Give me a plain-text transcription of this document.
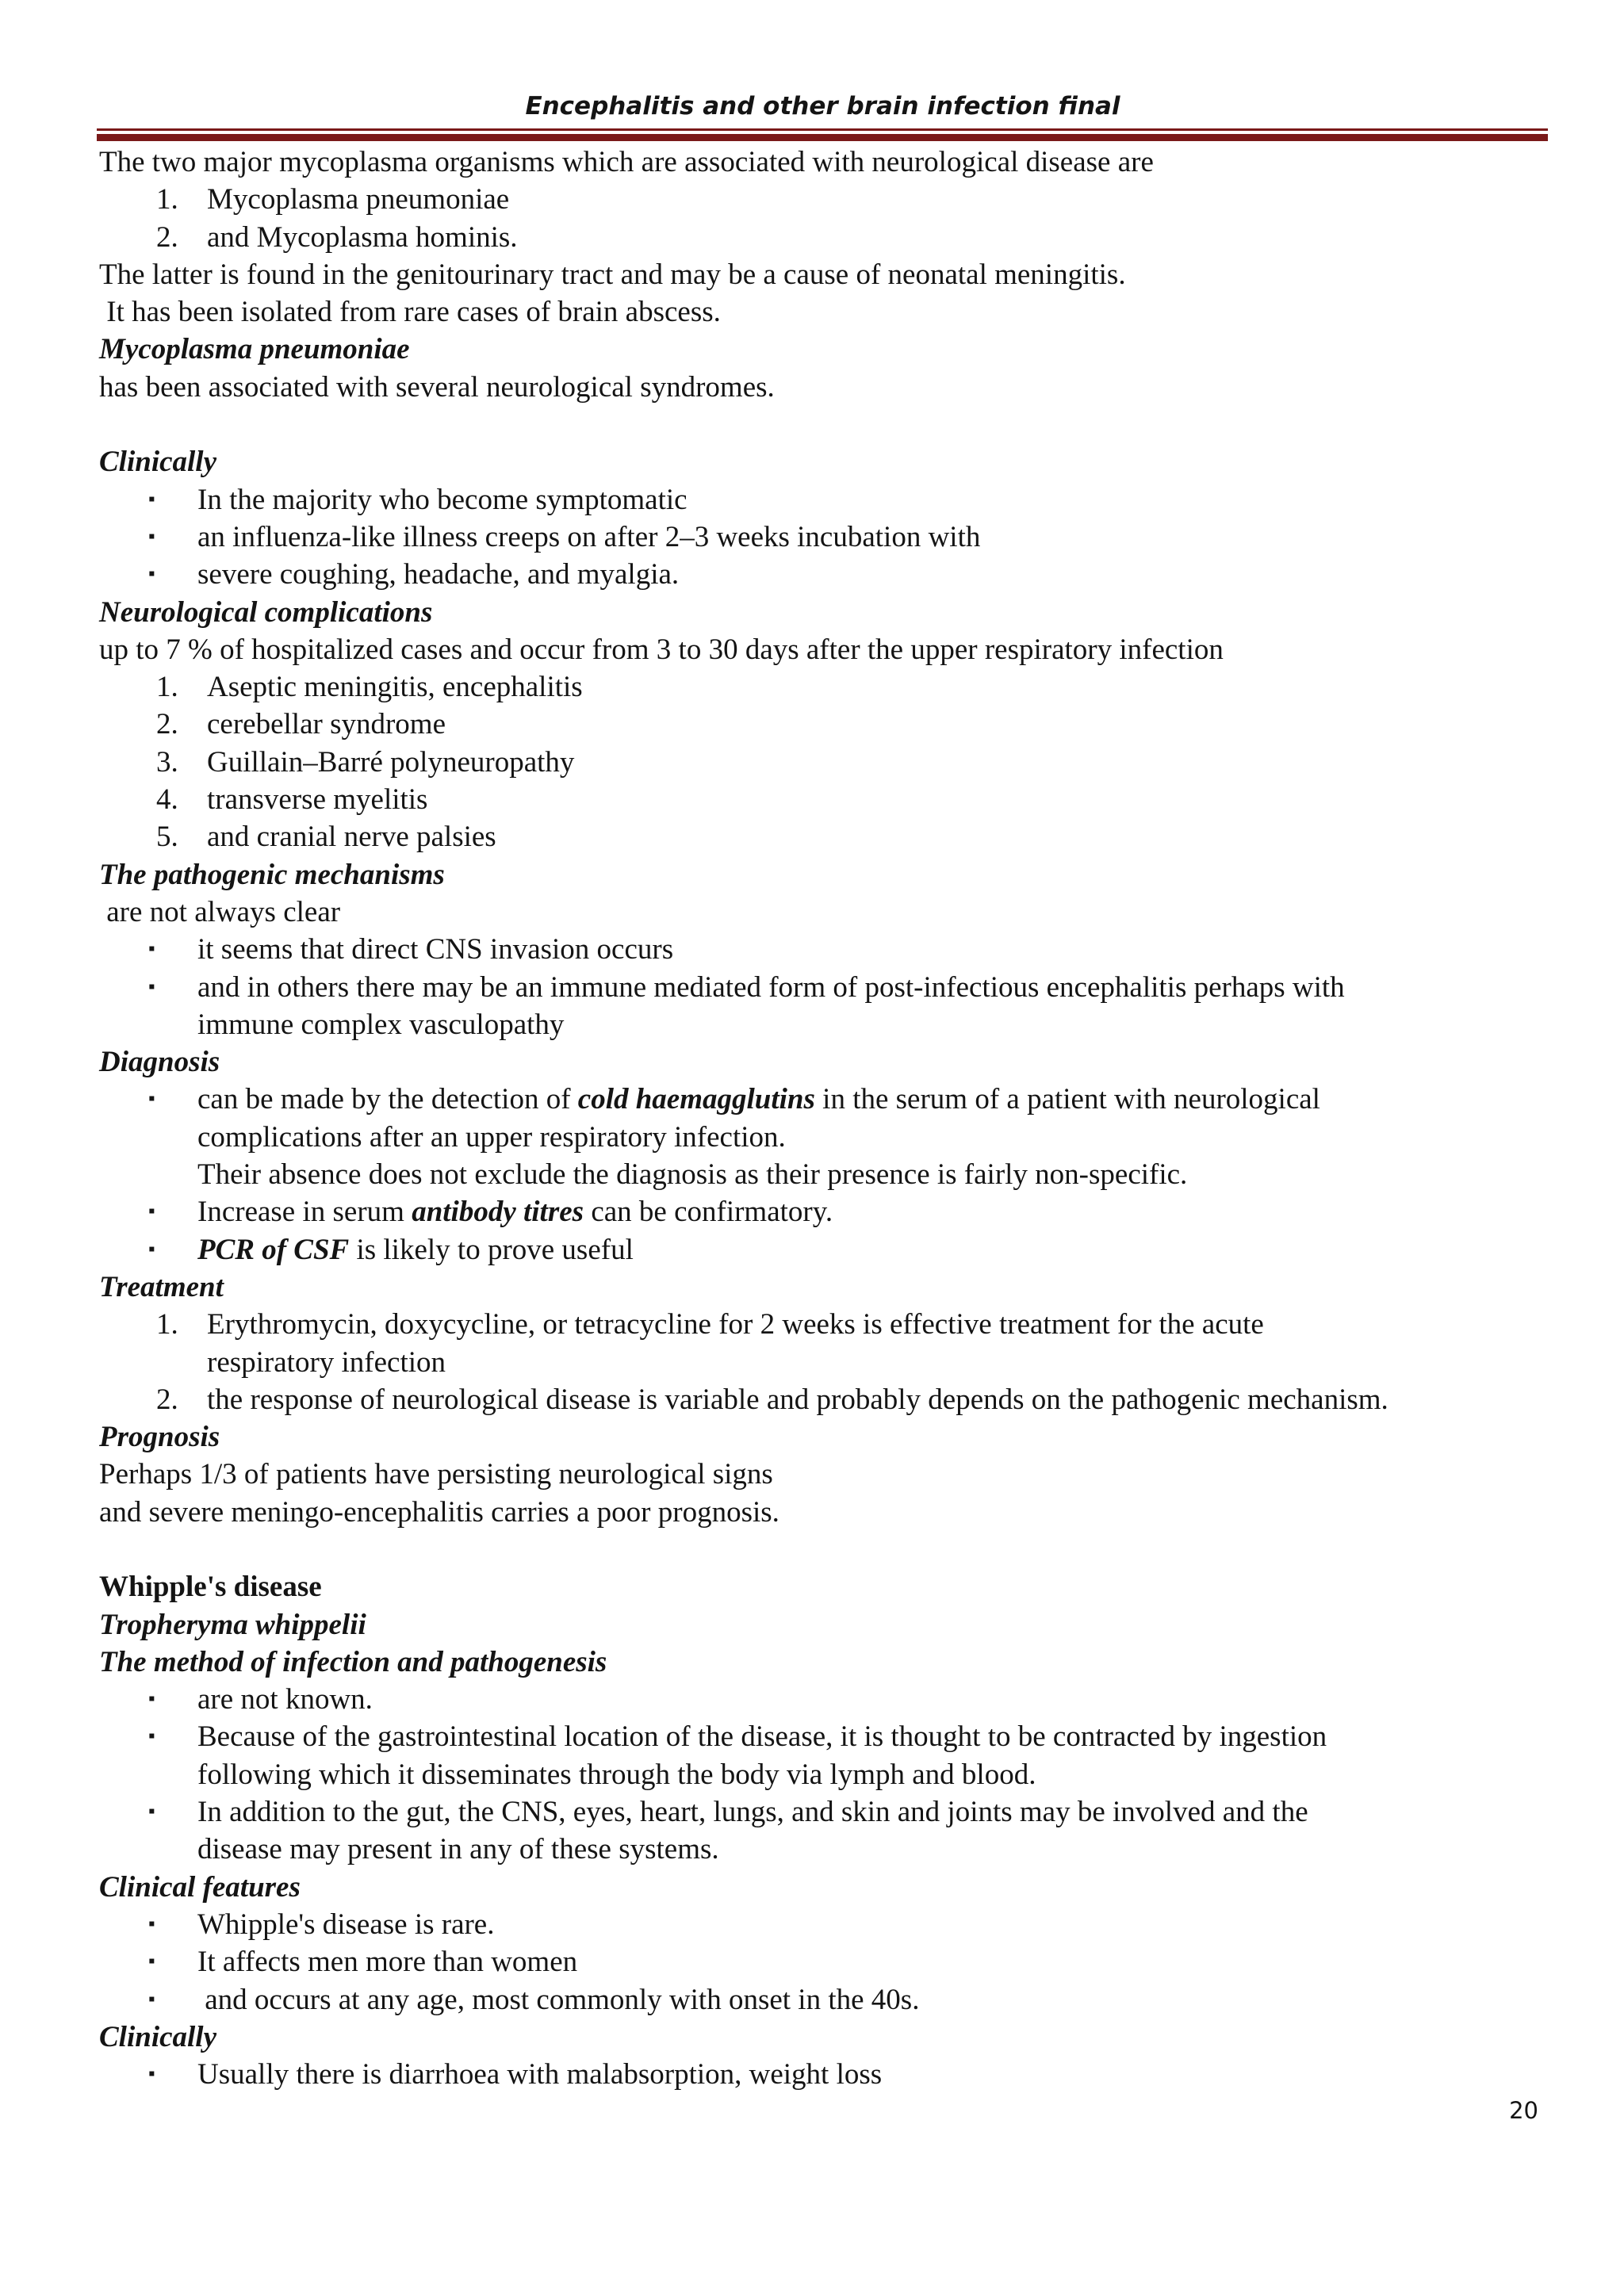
Encephalitis and other brain infection final

The two major mycoplasma organisms which are associated with neurological disease are

1. Mycoplasma pneumoniae

2. and Mycoplasma hominis.

The latter is found in the genitourinary tract and may be a cause of neonatal meningitis.

It has been isolated from rare cases of brain abscess.

Mycoplasma pneumoniae

has been associated with several neurological syndromes.

Clinically

▪ In the majority who become symptomatic

▪ an influenza-like illness creeps on after 2–3 weeks incubation with

▪ severe coughing, headache, and myalgia.

Neurological complications

up to 7 % of hospitalized cases and occur from 3 to 30 days after the upper respiratory infection

1. Aseptic meningitis, encephalitis

2. cerebellar syndrome

3. Guillain–Barré polyneuropathy

4. transverse myelitis

5. and cranial nerve palsies

The pathogenic mechanisms

are not always clear

▪ it seems that direct CNS invasion occurs

▪ and in others there may be an immune mediated form of post-infectious encephalitis perhaps with

immune complex vasculopathy

Diagnosis

▪ can be made by the detection of cold haemagglutins in the serum of a patient with neurological

complications after an upper respiratory infection.

Their absence does not exclude the diagnosis as their presence is fairly non-specific.

▪ Increase in serum antibody titres can be confirmatory.

▪ PCR of CSF is likely to prove useful

Treatment

1. Erythromycin, doxycycline, or tetracycline for 2 weeks is effective treatment for the acute

respiratory infection

2. the response of neurological disease is variable and probably depends on the pathogenic mechanism.

Prognosis

Perhaps 1/3 of patients have persisting neurological signs

and severe meningo-encephalitis carries a poor prognosis.

Whipple's disease

Tropheryma whippelii

The method of infection and pathogenesis

▪ are not known.

▪ Because of the gastrointestinal location of the disease, it is thought to be contracted by ingestion

following which it disseminates through the body via lymph and blood.

▪ In addition to the gut, the CNS, eyes, heart, lungs, and skin and joints may be involved and the

disease may present in any of these systems.

Clinical features

▪ Whipple's disease is rare.

▪ It affects men more than women

▪ and occurs at any age, most commonly with onset in the 40s.

Clinically

▪ Usually there is diarrhoea with malabsorption, weight loss

20
